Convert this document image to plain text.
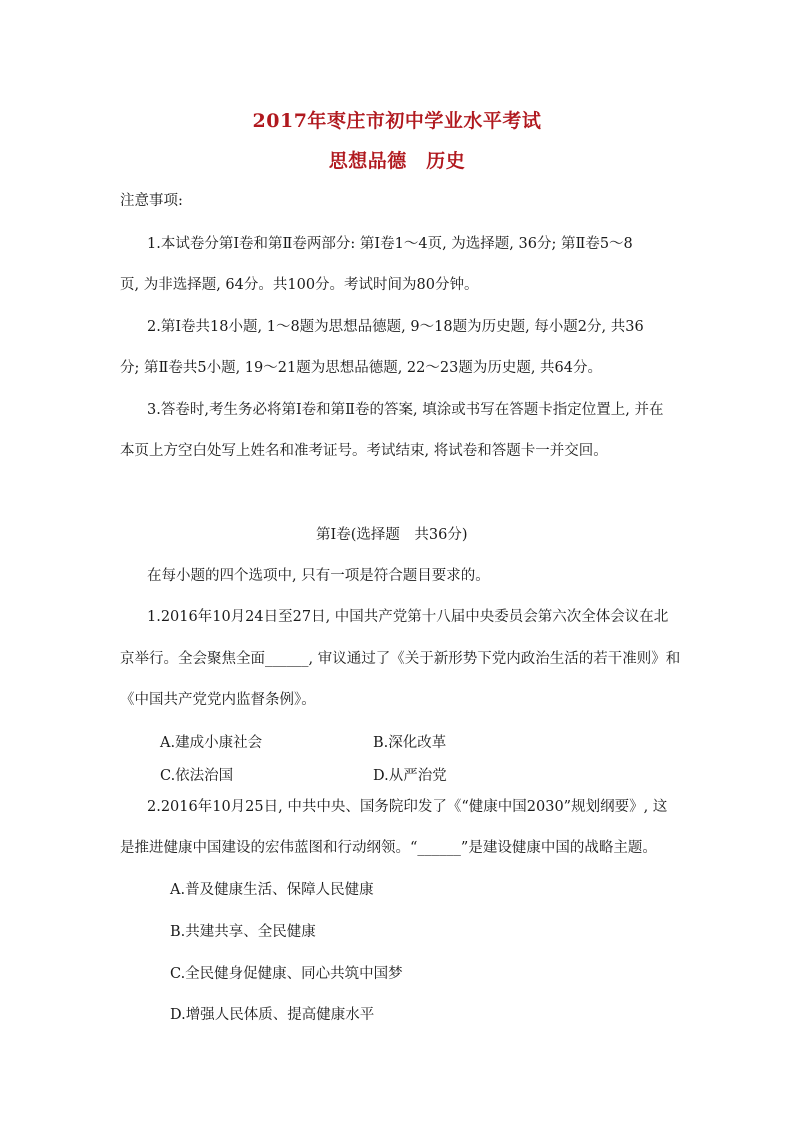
2017年枣庄市初中学业水平考试
思想品德　历史
注意事项:
1.本试卷分第Ⅰ卷和第Ⅱ卷两部分: 第Ⅰ卷1～4页, 为选择题, 36分; 第Ⅱ卷5～8
页, 为非选择题, 64分。共100分。考试时间为80分钟。
2.第Ⅰ卷共18小题, 1～8题为思想品德题, 9～18题为历史题, 每小题2分, 共36
分; 第Ⅱ卷共5小题, 19～21题为思想品德题, 22～23题为历史题, 共64分。
3.答卷时,考生务必将第Ⅰ卷和第Ⅱ卷的答案, 填涂或书写在答题卡指定位置上, 并在
本页上方空白处写上姓名和准考证号。考试结束, 将试卷和答题卡一并交回。
第Ⅰ卷(选择题　共36分)
在每小题的四个选项中, 只有一项是符合题目要求的。
1.2016年10月24日至27日, 中国共产党第十八届中央委员会第六次全体会议在北
京举行。全会聚焦全面______, 审议通过了《关于新形势下党内政治生活的若干准则》和
《中国共产党党内监督条例》。
A.建成小康社会	B.深化改革
C.依法治国	D.从严治党
2.2016年10月25日, 中共中央、国务院印发了《“健康中国2030”规划纲要》, 这
是推进健康中国建设的宏伟蓝图和行动纲领。“______”是建设健康中国的战略主题。
A.普及健康生活、保障人民健康
B.共建共享、全民健康
C.全民健身促健康、同心共筑中国梦
D.增强人民体质、提高健康水平
